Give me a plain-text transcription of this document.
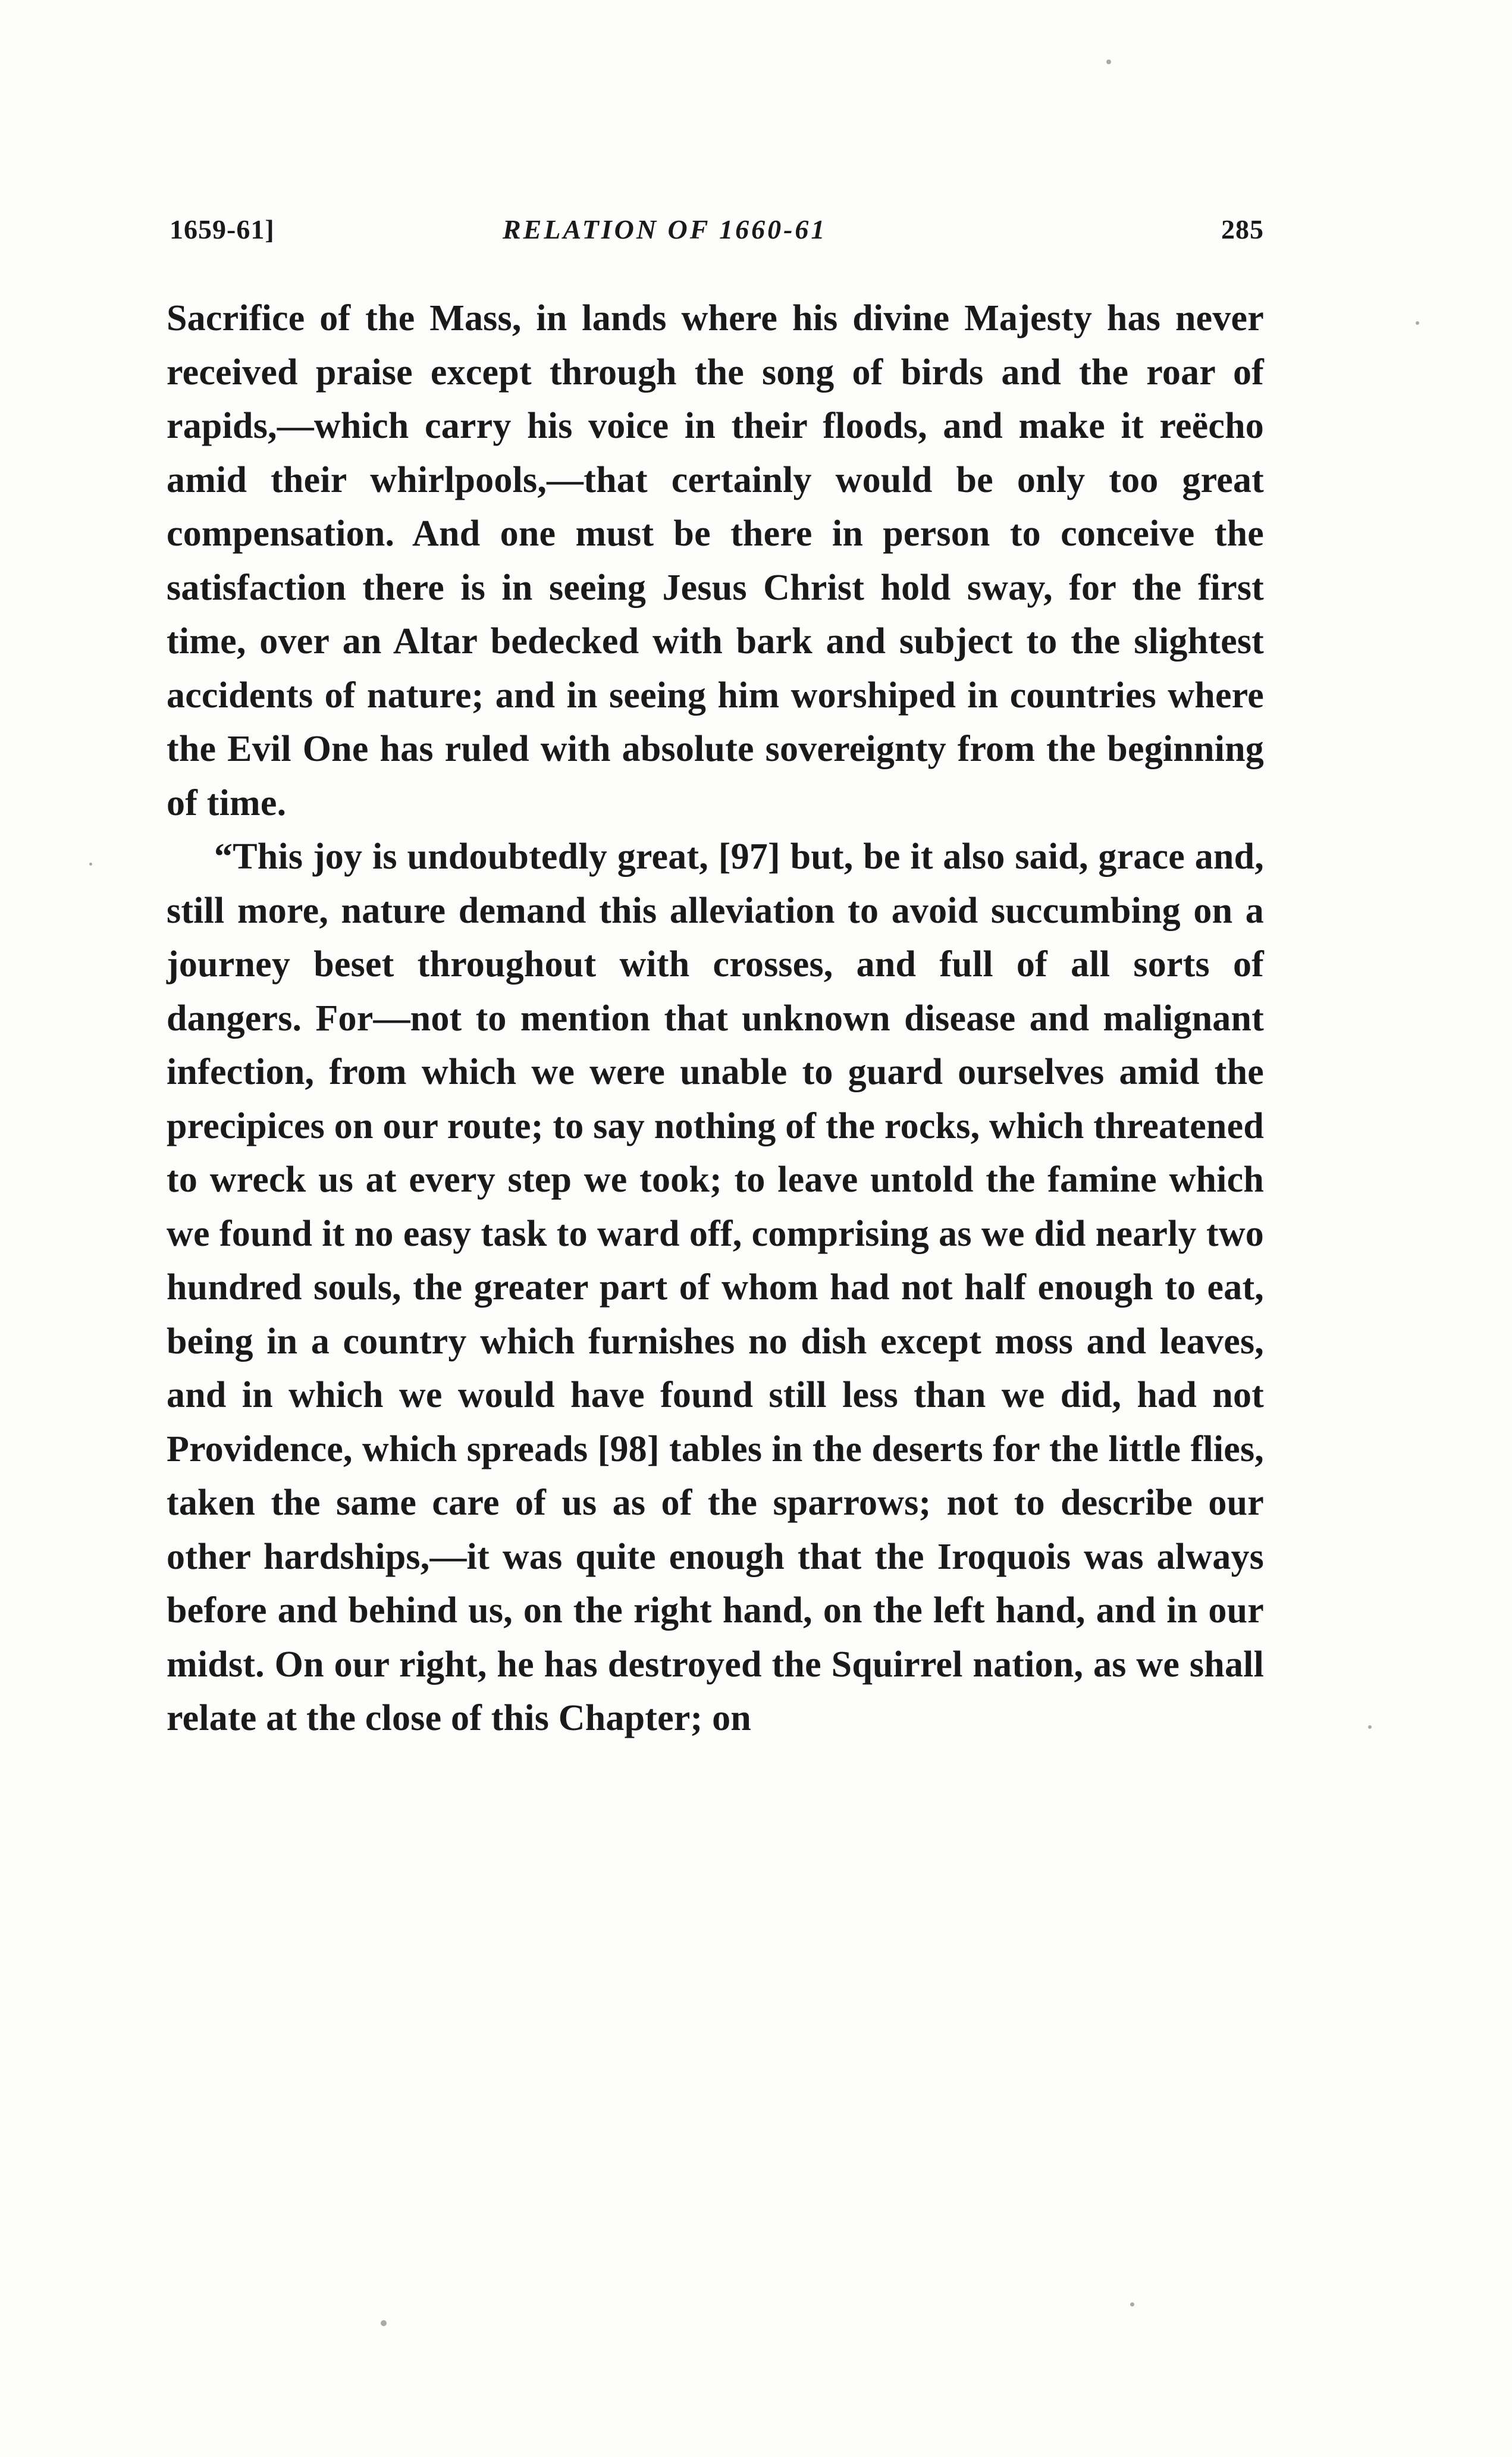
1659-61]	RELATION OF 1660-61	285

Sacrifice of the Mass, in lands where his divine Majesty has never received praise except through the song of birds and the roar of rapids,—which carry his voice in their floods, and make it reëcho amid their whirlpools,—that certainly would be only too great compensation. And one must be there in person to conceive the satisfaction there is in seeing Jesus Christ hold sway, for the first time, over an Altar bedecked with bark and subject to the slightest accidents of nature; and in seeing him worshiped in countries where the Evil One has ruled with absolute sovereignty from the beginning of time.

“This joy is undoubtedly great, [97] but, be it also said, grace and, still more, nature demand this alleviation to avoid succumbing on a journey beset throughout with crosses, and full of all sorts of dangers. For—not to mention that unknown disease and malignant infection, from which we were unable to guard ourselves amid the precipices on our route; to say nothing of the rocks, which threatened to wreck us at every step we took; to leave untold the famine which we found it no easy task to ward off, comprising as we did nearly two hundred souls, the greater part of whom had not half enough to eat, being in a country which furnishes no dish except moss and leaves, and in which we would have found still less than we did, had not Providence, which spreads [98] tables in the deserts for the little flies, taken the same care of us as of the sparrows; not to describe our other hardships,—it was quite enough that the Iroquois was always before and behind us, on the right hand, on the left hand, and in our midst. On our right, he has destroyed the Squirrel nation, as we shall relate at the close of this Chapter; on
